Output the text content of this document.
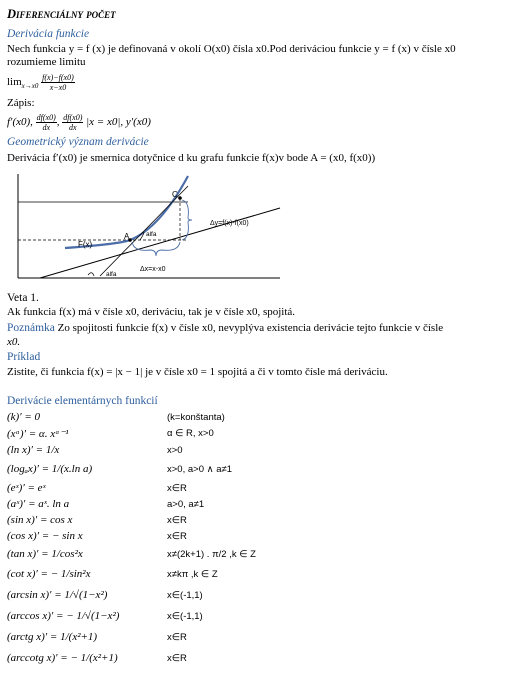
Diferenciálny počet
Derivácia funkcie
Nech funkcia y = f (x) je definovaná v okolí O(x0) čísla x0.Pod deriváciou funkcie y = f (x) v čísle x0
rozumieme limitu
$\lim_{x\to x0} \frac{f(x)-f(x0)}{x-x0}$
Zápis:
f′(x0), $\frac{df(x0)}{dx}$ , $\frac{df(x0)}{dx} |x = x0|$, y′(x0)
Geometrický význam derivácie
Derivácia f′(x0) je smernica dotyčnice d ku grafu funkcie f(x)v bode A = (x0, f(x0))
C
A
F(x)
alfa
alfa
Δy=f(x)-f(x0)
Δx=x-x0
Veta 1.
Ak funkcia f(x) má v čísle x0, deriváciu, tak je v čísle x0, spojitá.
Poznámka Zo spojitosti funkcie f(x) v čísle x0, nevyplýva existencia derivácie tejto funkcie v čísle
x0.
Príklad
Zistite, či funkcia f(x) = |x − 1| je v čísle x0 = 1 spojitá a či v tomto čísle má deriváciu.
Derivácie elementárnych funkcií
(k)′ = 0	(k=konštanta)
(xᵅ)′ = α. xᵅ⁻¹	α ∈ R, x>0
(ln x)′ = 1/x	x>0
(logₐx)′ = 1/(x.ln a)	x>0, a>0 ∧ a≠1
(eˣ)′ = eˣ	x∈R
(aˣ)′ = aˣ. ln a	a>0, a≠1
(sin x)′ = cos x	x∈R
(cos x)′ = − sin x	x∈R
(tan x)′ = 1/cos²x	x≠(2k+1) . π/2 ,k ∈ Z
(cot x)′ = − 1/sin²x	x≠kπ ,k ∈ Z
(arcsin x)′ = 1/√(1−x²)	x∈(-1,1)
(arccos x)′ = − 1/√(1−x²)	x∈(-1,1)
(arctg x)′ = 1/(x²+1)	x∈R
(arccotg x)′ = − 1/(x²+1)	x∈R
